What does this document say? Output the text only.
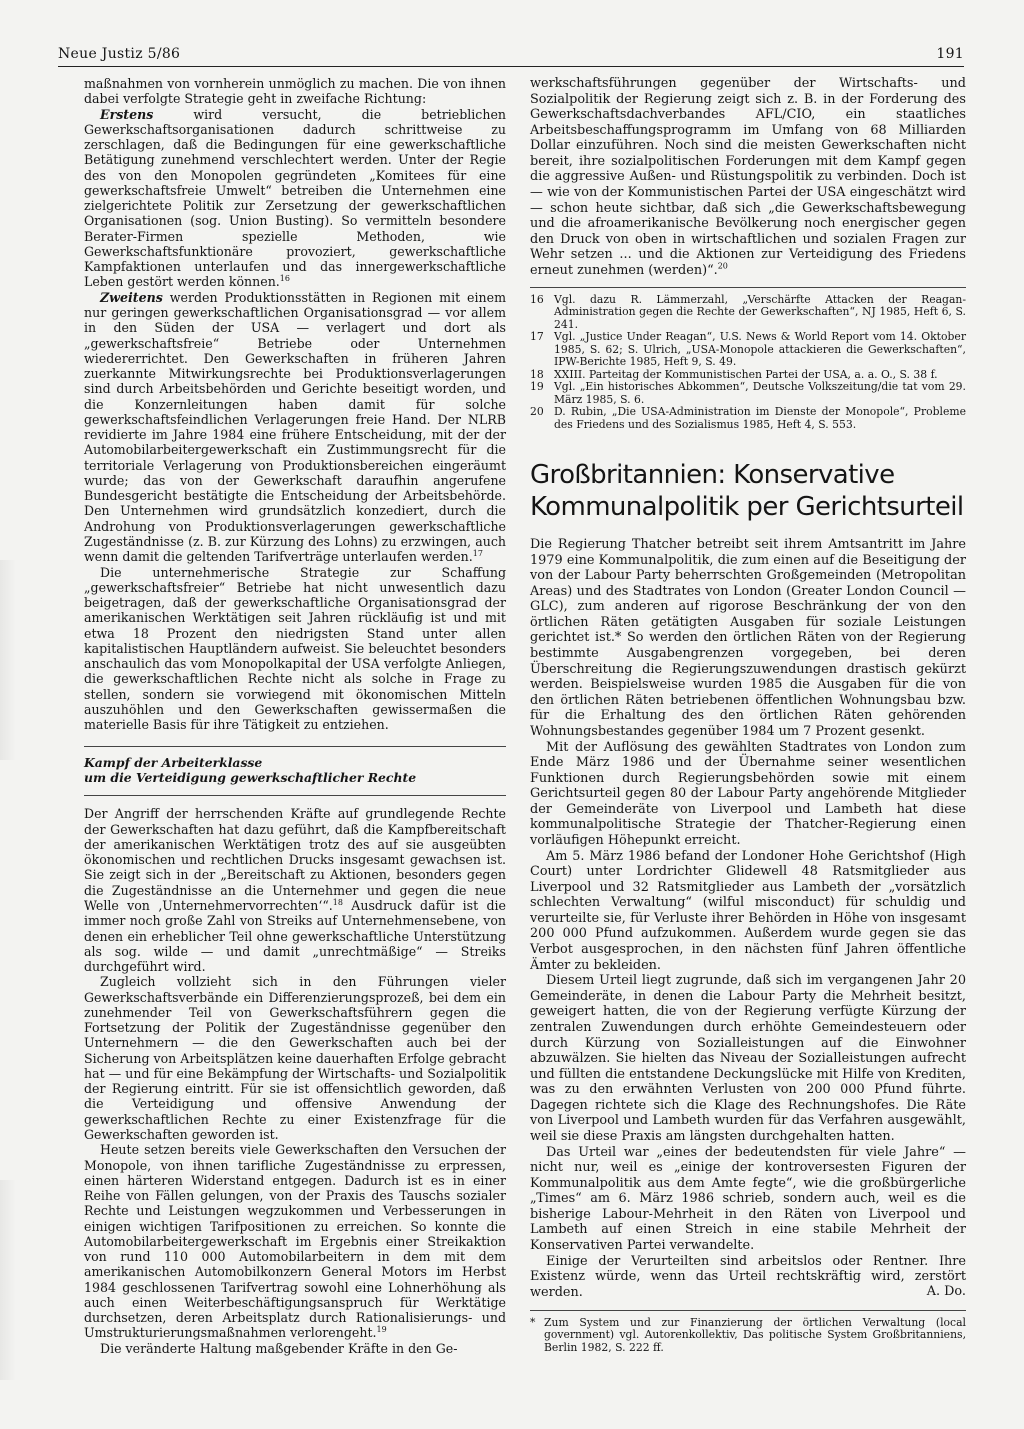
Neue Justiz 5/86	191

maßnahmen von vornherein unmöglich zu machen. Die von ihnen dabei verfolgte Strategie geht in zweifache Richtung:

Erstens wird versucht, die betrieblichen Gewerkschaftsorganisationen dadurch schrittweise zu zerschlagen, daß die Bedingungen für eine gewerkschaftliche Betätigung zunehmend verschlechtert werden. Unter der Regie des von den Monopolen gegründeten „Komitees für eine gewerkschaftsfreie Umwelt“ betreiben die Unternehmen eine zielgerichtete Politik zur Zersetzung der gewerkschaftlichen Organisationen (sog. Union Busting). So vermitteln besondere Berater-Firmen spezielle Methoden, wie Gewerkschaftsfunktionäre provoziert, gewerkschaftliche Kampfaktionen unterlaufen und das innergewerkschaftliche Leben gestört werden können.$^{16}$

Zweitens werden Produktionsstätten in Regionen mit einem nur geringen gewerkschaftlichen Organisationsgrad — vor allem in den Süden der USA — verlagert und dort als „gewerkschaftsfreie“ Betriebe oder Unternehmen wiedererrichtet. Den Gewerkschaften in früheren Jahren zuerkannte Mitwirkungsrechte bei Produktionsverlagerungen sind durch Arbeitsbehörden und Gerichte beseitigt worden, und die Konzernleitungen haben damit für solche gewerkschaftsfeindlichen Verlagerungen freie Hand. Der NLRB revidierte im Jahre 1984 eine frühere Entscheidung, mit der der Automobilarbeitergewerkschaft ein Zustimmungsrecht für die territoriale Verlagerung von Produktionsbereichen eingeräumt wurde; das von der Gewerkschaft daraufhin angerufene Bundesgericht bestätigte die Entscheidung der Arbeitsbehörde. Den Unternehmen wird grundsätzlich konzediert, durch die Androhung von Produktionsverlagerungen gewerkschaftliche Zugeständnisse (z. B. zur Kürzung des Lohns) zu erzwingen, auch wenn damit die geltenden Tarifverträge unterlaufen werden.$^{17}$

Die unternehmerische Strategie zur Schaffung „gewerkschaftsfreier“ Betriebe hat nicht unwesentlich dazu beigetragen, daß der gewerkschaftliche Organisationsgrad der amerikanischen Werktätigen seit Jahren rückläufig ist und mit etwa 18 Prozent den niedrigsten Stand unter allen kapitalistischen Hauptländern aufweist. Sie beleuchtet besonders anschaulich das vom Monopolkapital der USA verfolgte Anliegen, die gewerkschaftlichen Rechte nicht als solche in Frage zu stellen, sondern sie vorwiegend mit ökonomischen Mitteln auszuhöhlen und den Gewerkschaften gewissermaßen die materielle Basis für ihre Tätigkeit zu entziehen.

Kampf der Arbeiterklasse
um die Verteidigung gewerkschaftlicher Rechte

Der Angriff der herrschenden Kräfte auf grundlegende Rechte der Gewerkschaften hat dazu geführt, daß die Kampfbereitschaft der amerikanischen Werktätigen trotz des auf sie ausgeübten ökonomischen und rechtlichen Drucks insgesamt gewachsen ist. Sie zeigt sich in der „Bereitschaft zu Aktionen, besonders gegen die Zugeständnisse an die Unternehmer und gegen die neue Welle von ‚Unternehmervorrechten‘“.$^{18}$ Ausdruck dafür ist die immer noch große Zahl von Streiks auf Unternehmensebene, von denen ein erheblicher Teil ohne gewerkschaftliche Unterstützung als sog. wilde — und damit „unrechtmäßige“ — Streiks durchgeführt wird.

Zugleich vollzieht sich in den Führungen vieler Gewerkschaftsverbände ein Differenzierungsprozeß, bei dem ein zunehmender Teil von Gewerkschaftsführern gegen die Fortsetzung der Politik der Zugeständnisse gegenüber den Unternehmern — die den Gewerkschaften auch bei der Sicherung von Arbeitsplätzen keine dauerhaften Erfolge gebracht hat — und für eine Bekämpfung der Wirtschafts- und Sozialpolitik der Regierung eintritt. Für sie ist offensichtlich geworden, daß die Verteidigung und offensive Anwendung der gewerkschaftlichen Rechte zu einer Existenzfrage für die Gewerkschaften geworden ist.

Heute setzen bereits viele Gewerkschaften den Versuchen der Monopole, von ihnen tarifliche Zugeständnisse zu erpressen, einen härteren Widerstand entgegen. Dadurch ist es in einer Reihe von Fällen gelungen, von der Praxis des Tauschs sozialer Rechte und Leistungen wegzukommen und Verbesserungen in einigen wichtigen Tarifpositionen zu erreichen. So konnte die Automobilarbeitergewerkschaft im Ergebnis einer Streikaktion von rund 110 000 Automobilarbeitern in dem mit dem amerikanischen Automobilkonzern General Motors im Herbst 1984 geschlossenen Tarifvertrag sowohl eine Lohnerhöhung als auch einen Weiterbeschäftigungsanspruch für Werktätige durchsetzen, deren Arbeitsplatz durch Rationalisierungs- und Umstrukturierungsmaßnahmen verlorengeht.$^{19}$

Die veränderte Haltung maßgebender Kräfte in den Ge-

werkschaftsführungen gegenüber der Wirtschafts- und Sozialpolitik der Regierung zeigt sich z. B. in der Forderung des Gewerkschaftsdachverbandes AFL/CIO, ein staatliches Arbeitsbeschaffungsprogramm im Umfang von 68 Milliarden Dollar einzuführen. Noch sind die meisten Gewerkschaften nicht bereit, ihre sozialpolitischen Forderungen mit dem Kampf gegen die aggressive Außen- und Rüstungspolitik zu verbinden. Doch ist — wie von der Kommunistischen Partei der USA eingeschätzt wird — schon heute sichtbar, daß sich „die Gewerkschaftsbewegung und die afroamerikanische Bevölkerung noch energischer gegen den Druck von oben in wirtschaftlichen und sozialen Fragen zur Wehr setzen ... und die Aktionen zur Verteidigung des Friedens erneut zunehmen (werden)“.$^{20}$

16 Vgl. dazu R. Lämmerzahl, „Verschärfte Attacken der Reagan-Administration gegen die Rechte der Gewerkschaften“, NJ 1985, Heft 6, S. 241.
17 Vgl. „Justice Under Reagan“, U.S. News & World Report vom 14. Oktober 1985, S. 62; S. Ulrich, „USA-Monopole attackieren die Gewerkschaften“, IPW-Berichte 1985, Heft 9, S. 49.
18 XXIII. Parteitag der Kommunistischen Partei der USA, a. a. O., S. 38 f.
19 Vgl. „Ein historisches Abkommen“, Deutsche Volkszeitung/die tat vom 29. März 1985, S. 6.
20 D. Rubin, „Die USA-Administration im Dienste der Monopole“, Probleme des Friedens und des Sozialismus 1985, Heft 4, S. 553.
Großbritannien: Konservative
Kommunalpolitik per Gerichtsurteil

Die Regierung Thatcher betreibt seit ihrem Amtsantritt im Jahre 1979 eine Kommunalpolitik, die zum einen auf die Beseitigung der von der Labour Party beherrschten Großgemeinden (Metropolitan Areas) und des Stadtrates von London (Greater London Council — GLC), zum anderen auf rigorose Beschränkung der von den örtlichen Räten getätigten Ausgaben für soziale Leistungen gerichtet ist.* So werden den örtlichen Räten von der Regierung bestimmte Ausgabengrenzen vorgegeben, bei deren Überschreitung die Regierungszuwendungen drastisch gekürzt werden. Beispielsweise wurden 1985 die Ausgaben für die von den örtlichen Räten betriebenen öffentlichen Wohnungsbau bzw. für die Erhaltung des den örtlichen Räten gehörenden Wohnungsbestandes gegenüber 1984 um 7 Prozent gesenkt.

Mit der Auflösung des gewählten Stadtrates von London zum Ende März 1986 und der Übernahme seiner wesentlichen Funktionen durch Regierungsbehörden sowie mit einem Gerichtsurteil gegen 80 der Labour Party angehörende Mitglieder der Gemeinderäte von Liverpool und Lambeth hat diese kommunalpolitische Strategie der Thatcher-Regierung einen vorläufigen Höhepunkt erreicht.

Am 5. März 1986 befand der Londoner Hohe Gerichtshof (High Court) unter Lordrichter Glidewell 48 Ratsmitglieder aus Liverpool und 32 Ratsmitglieder aus Lambeth der „vorsätzlich schlechten Verwaltung“ (wilful misconduct) für schuldig und verurteilte sie, für Verluste ihrer Behörden in Höhe von insgesamt 200 000 Pfund aufzukommen. Außerdem wurde gegen sie das Verbot ausgesprochen, in den nächsten fünf Jahren öffentliche Ämter zu bekleiden.

Diesem Urteil liegt zugrunde, daß sich im vergangenen Jahr 20 Gemeinderäte, in denen die Labour Party die Mehrheit besitzt, geweigert hatten, die von der Regierung verfügte Kürzung der zentralen Zuwendungen durch erhöhte Gemeindesteuern oder durch Kürzung von Sozialleistungen auf die Einwohner abzuwälzen. Sie hielten das Niveau der Sozialleistungen aufrecht und füllten die entstandene Deckungslücke mit Hilfe von Krediten, was zu den erwähnten Verlusten von 200 000 Pfund führte. Dagegen richtete sich die Klage des Rechnungshofes. Die Räte von Liverpool und Lambeth wurden für das Verfahren ausgewählt, weil sie diese Praxis am längsten durchgehalten hatten.

Das Urteil war „eines der bedeutendsten für viele Jahre“ — nicht nur, weil es „einige der kontroversesten Figuren der Kommunalpolitik aus dem Amte fegte“, wie die großbürgerliche „Times“ am 6. März 1986 schrieb, sondern auch, weil es die bisherige Labour-Mehrheit in den Räten von Liverpool und Lambeth auf einen Streich in eine stabile Mehrheit der Konservativen Partei verwandelte.

Einige der Verurteilten sind arbeitslos oder Rentner. Ihre Existenz würde, wenn das Urteil rechtskräftig wird, zerstört werden.	A. Do.
* Zum System und zur Finanzierung der örtlichen Verwaltung (local government) vgl. Autorenkollektiv, Das politische System Großbritanniens, Berlin 1982, S. 222 ff.
